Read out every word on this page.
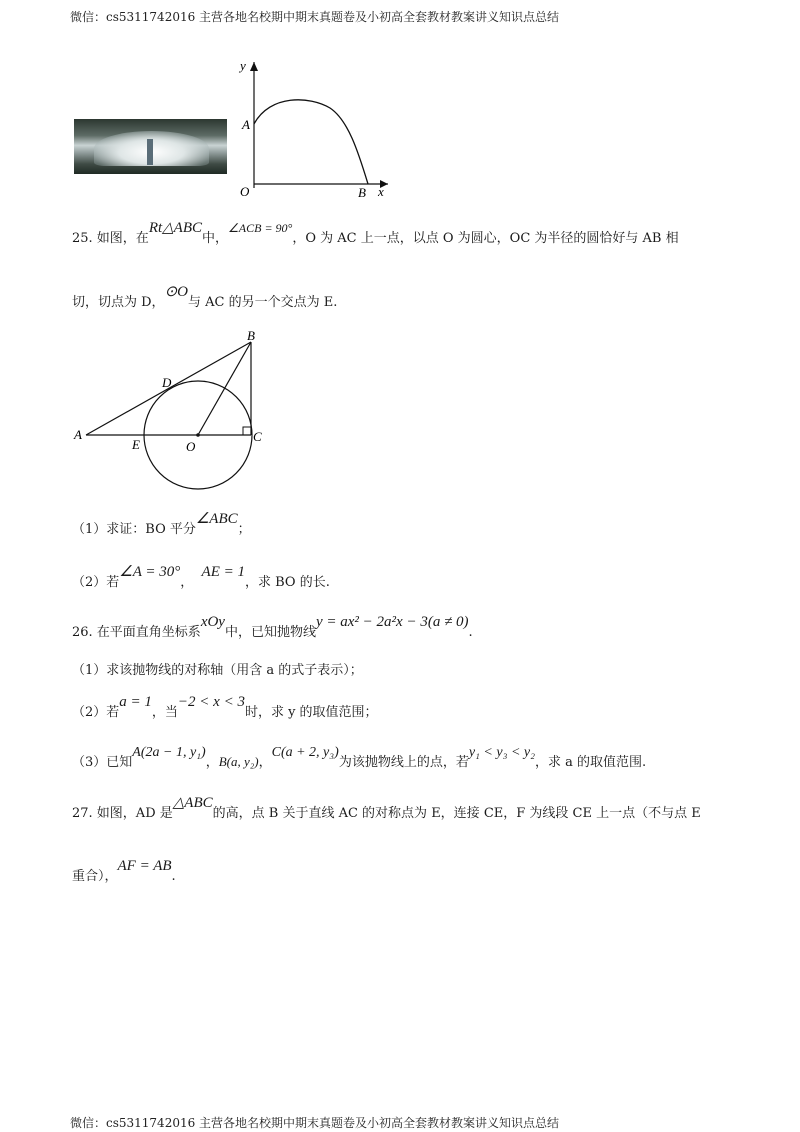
微信：cs5311742016 主营各地名校期中期末真题卷及小初高全套教材教案讲义知识点总结
y
x
A
O	B
25. 如图，在Rt△ABC中，∠ACB = 90°，O 为 AC 上一点，以点 O 为圆心，OC 为半径的圆恰好与 AB 相
切，切点为 D，⊙O与 AC 的另一个交点为 E.
A
B
C
D
E	O
（1）求证：BO 平分∠ABC；
（2）若∠A = 30°，  AE = 1，求 BO 的长.
26. 在平面直角坐标系xOy中，已知抛物线y = ax² − 2a²x − 3(a ≠ 0).
（1）求该抛物线的对称轴（用含 a 的式子表示）；
（2）若a = 1，当−2 < x < 3时，求 y 的取值范围；
（3）已知A(2a − 1, y₁)，B(a, y₂)，C(a + 2, y₃)为该抛物线上的点，若y₁ < y₃ < y₂，求 a 的取值范围.
27. 如图，AD 是△ABC的高，点 B 关于直线 AC 的对称点为 E，连接 CE，F 为线段 CE 上一点（不与点 E
重合），AF = AB.
微信：cs5311742016 主营各地名校期中期末真题卷及小初高全套教材教案讲义知识点总结
